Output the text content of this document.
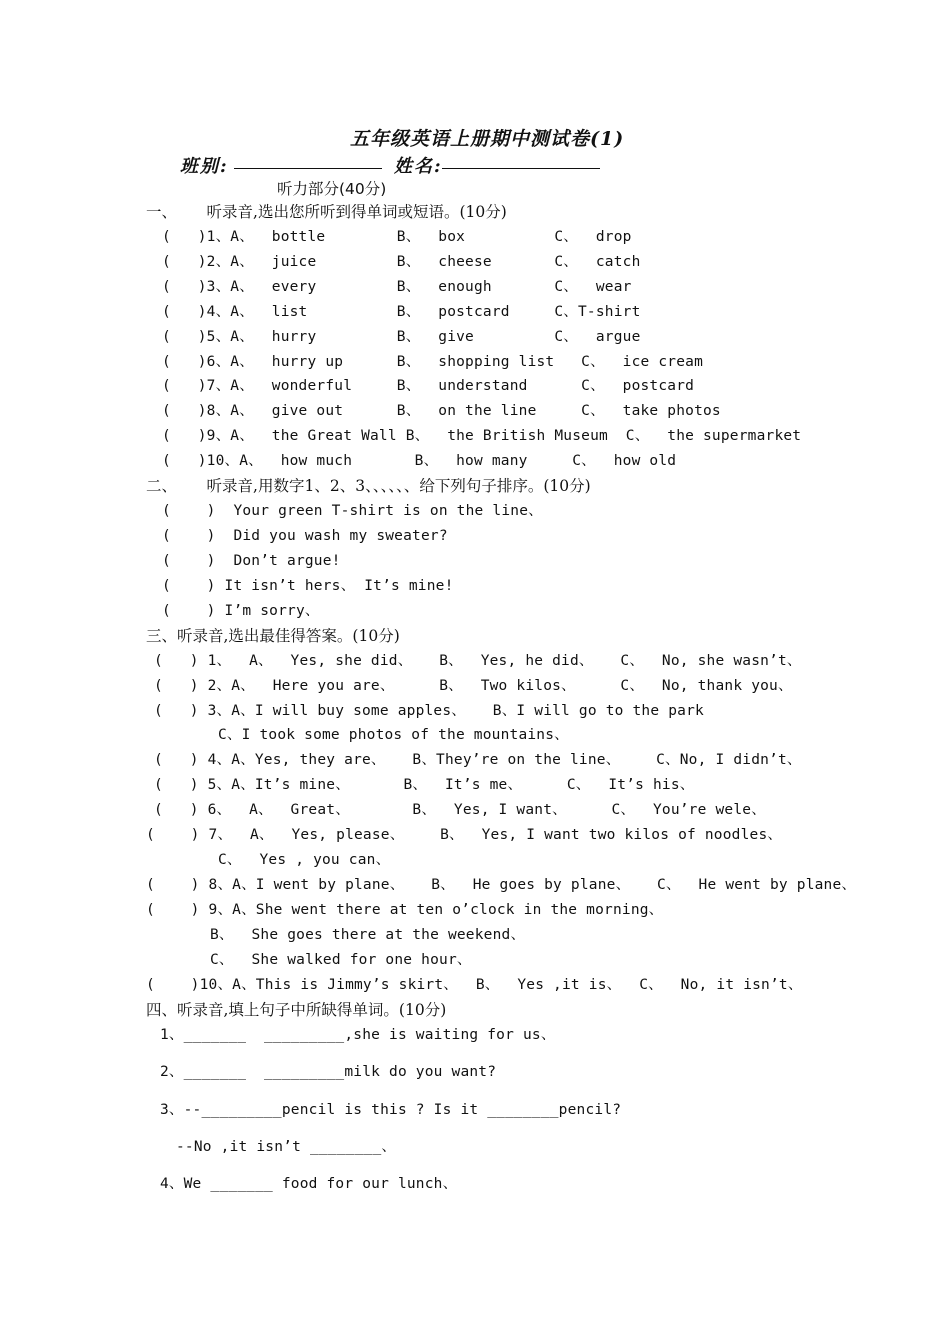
五年级英语上册期中测试卷(1)
班别:	姓名:
听力部分(40分)
一、      听录音,选出您所听到得单词或短语。(10分)
(   )1、A、  bottle        B、  box          C、  drop
(   )2、A、  juice         B、  cheese       C、  catch
(   )3、A、  every         B、  enough       C、  wear
(   )4、A、  list          B、  postcard     C、T-shirt
(   )5、A、  hurry         B、  give         C、  argue
(   )6、A、  hurry up      B、  shopping list   C、  ice cream
(   )7、A、  wonderful     B、  understand      C、  postcard
(   )8、A、  give out      B、  on the line     C、  take photos
(   )9、A、  the Great Wall B、  the British Museum  C、  the supermarket
(   )10、A、  how much       B、  how many     C、  how old
二、      听录音,用数字1、2、3、、、、、、给下列句子排序。(10分)
(    )  Your green T-shirt is on the line、
(    )  Did you wash my sweater?
(    )  Don’t argue!
(    ) It isn’t hers、 It’s mine!
(    ) I’m sorry、
三、听录音,选出最佳得答案。(10分)
(   ) 1、  A、  Yes, she did、   B、  Yes, he did、   C、  No, she wasn’t、
(   ) 2、A、  Here you are、     B、  Two kilos、     C、  No, thank you、
(   ) 3、A、I will buy some apples、   B、I will go to the park
C、I took some photos of the mountains、
(   ) 4、A、Yes, they are、   B、They’re on the line、    C、No, I didn’t、
(   ) 5、A、It’s mine、      B、  It’s me、     C、  It’s his、
(   ) 6、  A、  Great、       B、  Yes, I want、     C、  You’re wele、
(    ) 7、  A、  Yes, please、    B、  Yes, I want two kilos of noodles、
C、  Yes , you can、
(    ) 8、A、I went by plane、   B、  He goes by plane、   C、  He went by plane、
(    ) 9、A、She went there at ten o’clock in the morning、
B、  She goes there at the weekend、
C、  She walked for one hour、
(    )10、A、This is Jimmy’s skirt、  B、  Yes ,it is、  C、  No, it isn’t、
四、听录音,填上句子中所缺得单词。(10分)
1、_______  _________,she is waiting for us、
2、_______  _________milk do you want?
3、--_________pencil is this ? Is it ________pencil?
--No ,it isn’t ________、
4、We _______ food for our lunch、
